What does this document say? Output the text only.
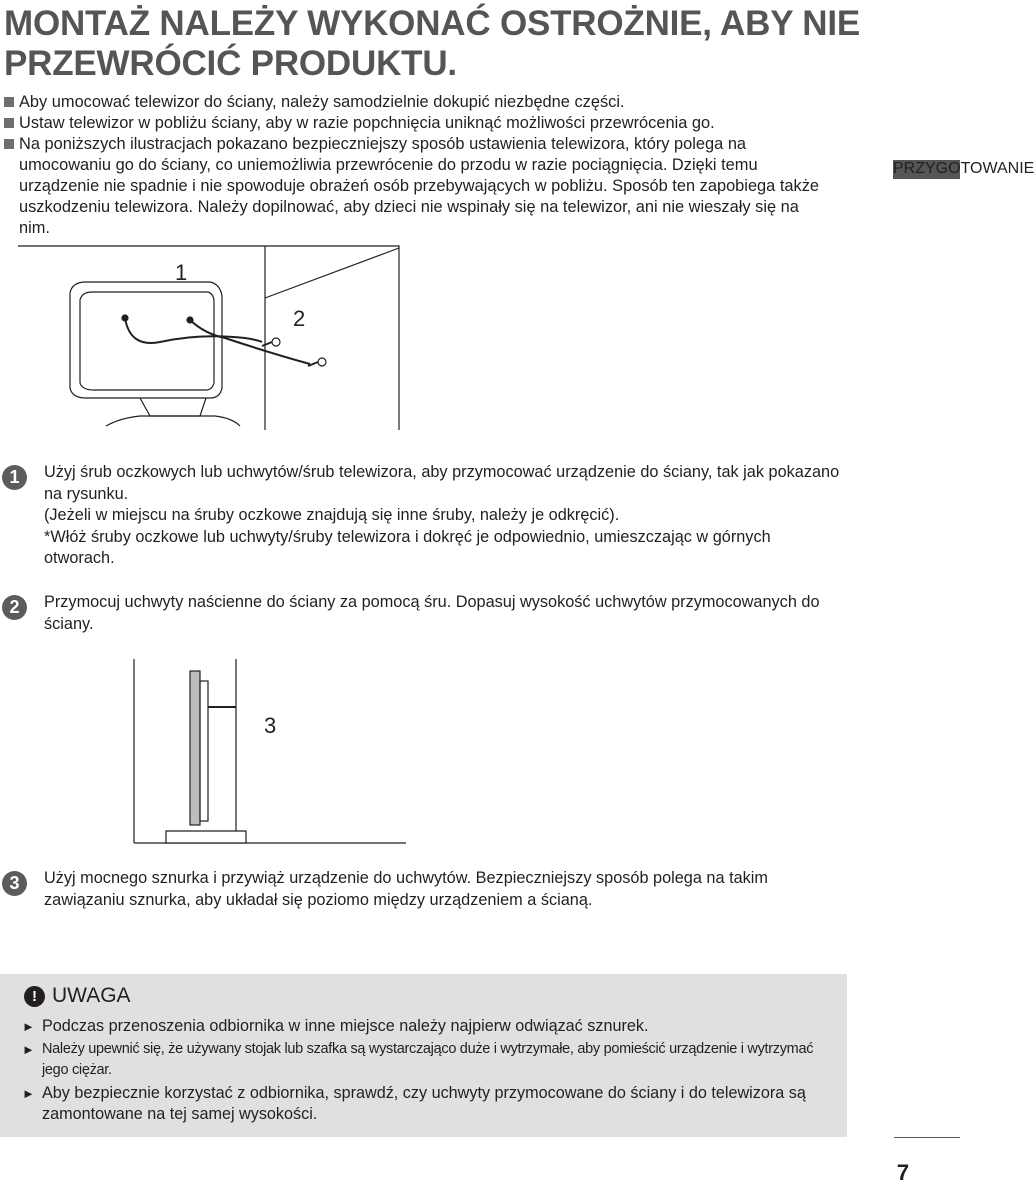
MONTAŻ NALEŻY WYKONAĆ OSTROŻNIE, ABY NIE PRZEWRÓCIĆ PRODUKTU.
Aby umocować telewizor do ściany, należy samodzielnie dokupić niezbędne części.
Ustaw telewizor w pobliżu ściany, aby w razie popchnięcia uniknąć możliwości przewrócenia go.
Na poniższych ilustracjach pokazano bezpieczniejszy sposób ustawienia telewizora, który polega na umocowaniu go do ściany, co uniemożliwia przewrócenie do przodu w razie pociągnięcia. Dzięki temu urządzenie nie spadnie i nie spowoduje obrażeń osób przebywających w pobliżu. Sposób ten zapobiega także uszkodzeniu telewizora. Należy dopilnować, aby dzieci nie wspinały się na telewizor, ani nie wieszały się na nim.
PRZYGOTOWANIE
1
2
1	Użyj śrub oczkowych lub uchwytów/śrub telewizora, aby przymocować urządzenie do ściany, tak jak pokazano na rysunku.

(Jeżeli w miejscu na śruby oczkowe znajdują się inne śruby, należy je odkręcić).

*Włóż śruby oczkowe lub uchwyty/śruby telewizora i dokręć je odpowiednio, umieszczając w górnych otworach.

2	Przymocuj uchwyty naścienne do ściany za pomocą śru. Dopasuj wysokość uchwytów przymocowanych do ściany.

3
3	Użyj mocnego sznurka i przywiąż urządzenie do uchwytów. Bezpieczniejszy sposób polega na takim zawiązaniu sznurka, aby układał się poziomo między urządzeniem a ścianą.

! UWAGA
► Podczas przenoszenia odbiornika w inne miejsce należy najpierw odwiązać sznurek.
► Należy upewnić się, że używany stojak lub szafka są wystarczająco duże i wytrzymałe, aby pomieścić urządzenie i wytrzymać jego ciężar.
► Aby bezpiecznie korzystać z odbiornika, sprawdź, czy uchwyty przymocowane do ściany i do telewizora są zamontowane na tej samej wysokości.
7
